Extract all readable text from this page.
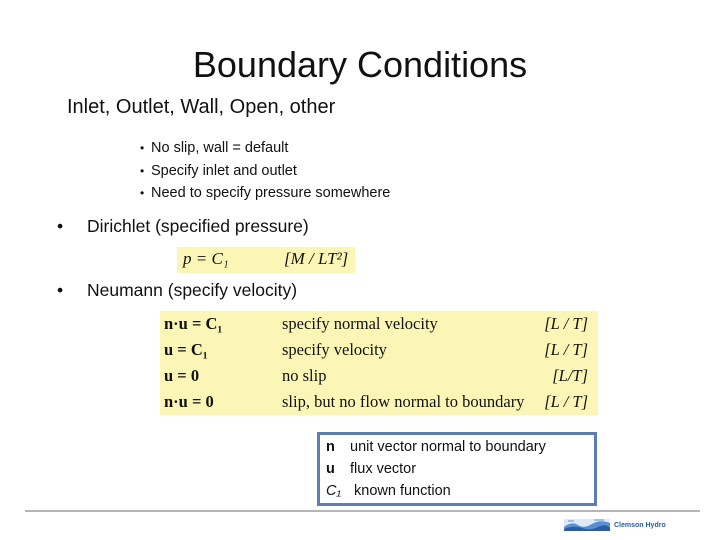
Boundary Conditions
Inlet, Outlet, Wall, Open, other
• No slip, wall = default
• Specify inlet and outlet
• Need to specify pressure somewhere
• Dirichlet (specified pressure)
p = C₁	[M / LT²]
• Neumann (specify velocity)
n·u = C₁	specify normal velocity	[L / T]
u = C₁	specify velocity	[L / T]
u = 0	no slip	[L/T]
n·u = 0	slip, but no flow normal to boundary [L / T]
n unit vector normal to boundary
u flux vector
C₁ known function
Clemson Hydro
